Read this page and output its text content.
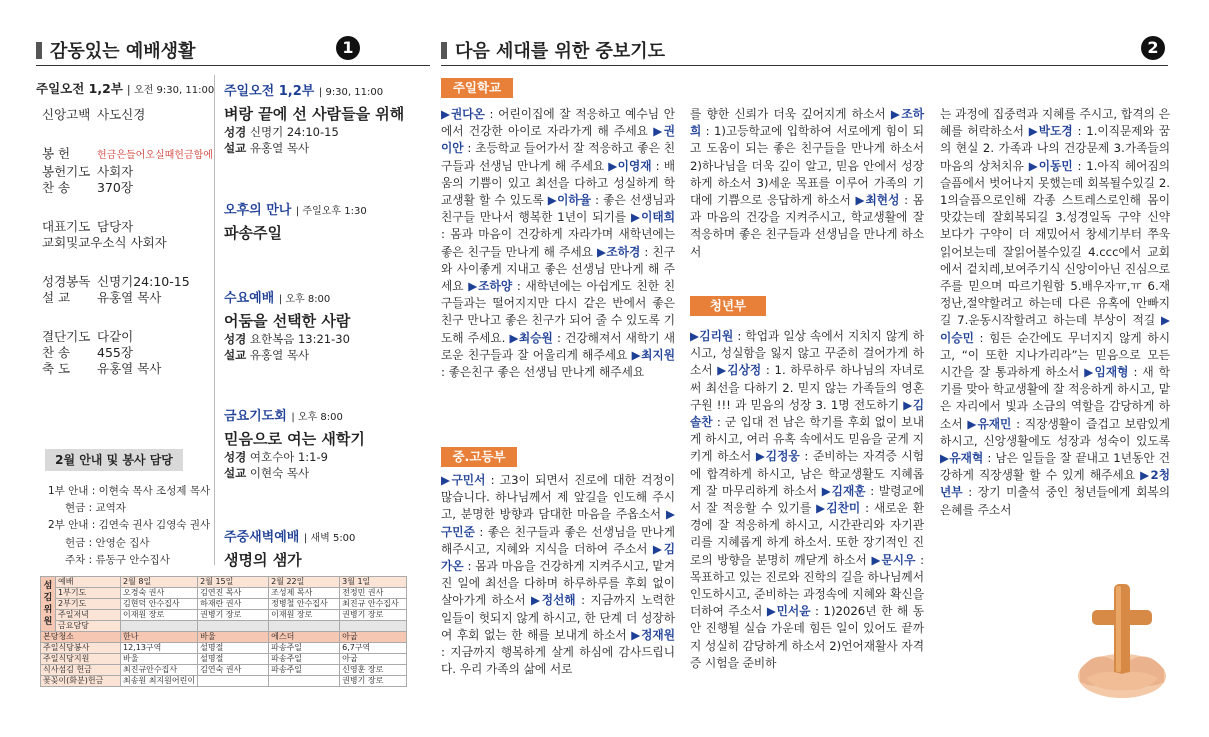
감동있는 예배생활	1
주일오전 1,2부 | 오전 9:30, 11:00
신앙고백 사도신경
봉 헌	헌금은들어오실때헌금함에
봉헌기도 사회자
찬 송 370장
대표기도 담당자
교회및교우소식 사회자
성경봉독 신명기24:10-15
설 교 유홍열 목사
결단기도 다같이
찬 송 455장
축 도 유홍열 목사
주일오전 1,2부 | 9:30, 11:00
벼랑 끝에 선 사람들을 위해
성경 신명기 24:10-15
설교 유홍열 목사
오후의 만나 | 주일오후 1:30
파송주일
수요예배 | 오후 8:00
어둠을 선택한 사람
성경 요한복음 13:21-30
설교 유홍열 목사
금요기도회 | 오후 8:00
믿음으로 여는 새학기
성경 여호수아 1:1-9
설교 이현숙 목사
주중새벽예배 | 새벽 5:00
생명의 샘가
2월 안내 및 봉사 담당
1부 안내 : 이현숙 목사 조성제 목사
현금 : 교역자
2부 안내 : 김연숙 권사 김영숙 권사
헌금 : 안영순 집사
주차 : 류동구 안수집사
섬김위원	예배	2월 8일	2월 15일	2월 22일	3월 1일
	1부기도	오경숙 권사	김연진 목사	조성제 목사	전정민 권사
	2부기도	김현덕 안수집사	하재란 권사	정병철 안수집사	최진규 안수집사
	주일저녁	이재원 장로	권병기 장로	이재원 장로	권병기 장로
	금요담당				
본당청소		한나	바울	에스더	아굽
주일식당봉사		12,13구역	설명절	파송주일	6,7구역
주일식당지원		바울	설명절	파송주일	아굽
식사섬김 헌금		최진규안수집사	김연숙 권사	파송주일	신영훈 장로
꽃꽂이(화분)헌금		최송원 최지원어린이			권병기 장로
다음 세대를 위한 중보기도	2
주일학교
▶권다온 : 어린이집에 잘 적응하고 예수님 안에서 건강한 아이로 자라가게 해 주세요 ▶권이안 : 초등학교 들어가서 잘 적응하고 좋은 친구들과 선생님 만나게 해 주세요 ▶이영재 : 배움의 기쁨이 있고 최선을 다하고 성실하게 학교생활 할 수 있도록 ▶이하율 : 좋은 선생님과 친구들 만나서 행복한 1년이 되기를 ▶이태희 : 몸과 마음이 건강하게 자라가며 새학년에는 좋은 친구들 만나게 해 주세요 ▶조하경 : 친구와 사이좋게 지내고 좋은 선생님 만나게 해 주세요 ▶조하양 : 새학년에는 아쉽게도 친한 친구들과는 떨어지지만 다시 같은 반에서 좋은 친구 만나고 좋은 친구가 되어 줄 수 있도록 기도해 주세요. ▶최승원 : 건강해져서 새학기 새로운 친구들과 잘 어울리게 해주세요 ▶최지원 : 좋은친구 좋은 선생님 만나게 해주세요
중.고등부
▶구민서 : 고3이 되면서 진로에 대한 걱정이 많습니다. 하나님께서 제 앞길을 인도해 주시고, 분명한 방향과 담대한 마음을 주옵소서 ▶구민준 : 좋은 친구들과 좋은 선생님을 만나게 해주시고, 지혜와 지식을 더하여 주소서 ▶김가온 : 몸과 마음을 건강하게 지켜주시고, 맡겨진 일에 최선을 다하며 하루하루를 후회 없이 살아가게 하소서 ▶정선해 : 지금까지 노력한 일들이 헛되지 않게 하시고, 한 단계 더 성장하여 후회 없는 한 해를 보내게 하소서 ▶정재원 : 지금까지 행복하게 살게 하심에 감사드립니다. 우리 가족의 삶에 서로
를 향한 신뢰가 더욱 깊어지게 하소서 ▶조하희 : 1)고등학교에 입학하여 서로에게 힘이 되고 도움이 되는 좋은 친구들을 만나게 하소서 2)하나님을 더욱 깊이 알고, 믿음 안에서 성장하게 하소서 3)세운 목표를 이루어 가족의 기대에 기쁨으로 응답하게 하소서 ▶최현성 : 몸과 마음의 건강을 지켜주시고, 학교생활에 잘 적응하며 좋은 친구들과 선생님을 만나게 하소서
청년부
▶김리원 : 학업과 일상 속에서 지치지 않게 하시고, 성실함을 잃지 않고 꾸준히 걸어가게 하소서 ▶김상정 : 1. 하루하루 하나님의 자녀로써 최선을 다하기 2. 믿지 않는 가족들의 영혼 구원 !!! 과 믿음의 성장 3. 1명 전도하기 ▶김솔찬 : 군 입대 전 남은 학기를 후회 없이 보내게 하시고, 여러 유혹 속에서도 믿음을 굳게 지키게 하소서 ▶김정웅 : 준비하는 자격증 시험에 합격하게 하시고, 남은 학교생활도 지혜롭게 잘 마무리하게 하소서 ▶김재훈 : 발령교에서 잘 적응할 수 있기를 ▶김찬미 : 새로운 환경에 잘 적응하게 하시고, 시간관리와 자기관리를 지혜롭게 하게 하소서. 또한 장기적인 진로의 방향을 분명히 깨닫게 하소서 ▶문시우 : 목표하고 있는 진로와 진학의 길을 하나님께서 인도하시고, 준비하는 과정속에 지혜와 확신을 더하여 주소서 ▶민서윤 : 1)2026년 한 해 동안 진행될 실습 가운데 힘든 일이 있어도 끝까지 성실히 감당하게 하소서 2)언어재활사 자격증 시험을 준비하
는 과정에 집중력과 지혜를 주시고, 합격의 은혜를 허락하소서 ▶박도경 : 1.이직문제와 꿈의 현실 2. 가족과 나의 건강문제 3.가족들의 마음의 상처치유 ▶이동민 : 1.아직 헤어짐의 슬픔에서 벗어나지 못했는데 회복될수있길 2. 1의슬픔으로인해 각종 스트레스로인해 몸이 맛갔는데 잘회복되길 3.성경일독 구약 신약 보다가 구약이 더 재밌어서 창세기부터 쭈욱 읽어보는데 잘읽어볼수있길 4.ccc에서 교회에서 겉치레,보여주기식 신앙이아닌 진심으로 주를 믿으며 따르기원함 5.배우자ㅠ,ㅠ 6.재정난,절약할려고 하는데 다른 유혹에 안빠지길 7.운동시작할려고 하는데 부상이 적길 ▶이승민 : 힘든 순간에도 무너지지 않게 하시고, “이 또한 지나가리라”는 믿음으로 모든 시간을 잘 통과하게 하소서 ▶임재형 : 새 학기를 맞아 학교생활에 잘 적응하게 하시고, 맡은 자리에서 빛과 소금의 역할을 감당하게 하소서 ▶유재민 : 직장생활이 즐겁고 보람있게 하시고, 신앙생활에도 성장과 성숙이 있도록 ▶유재혁 : 남은 일들을 잘 끝내고 1년동안 건강하게 직장생활 할 수 있게 해주세요 ▶2청년부 : 장기 미출석 중인 청년들에게 회복의 은혜를 주소서
